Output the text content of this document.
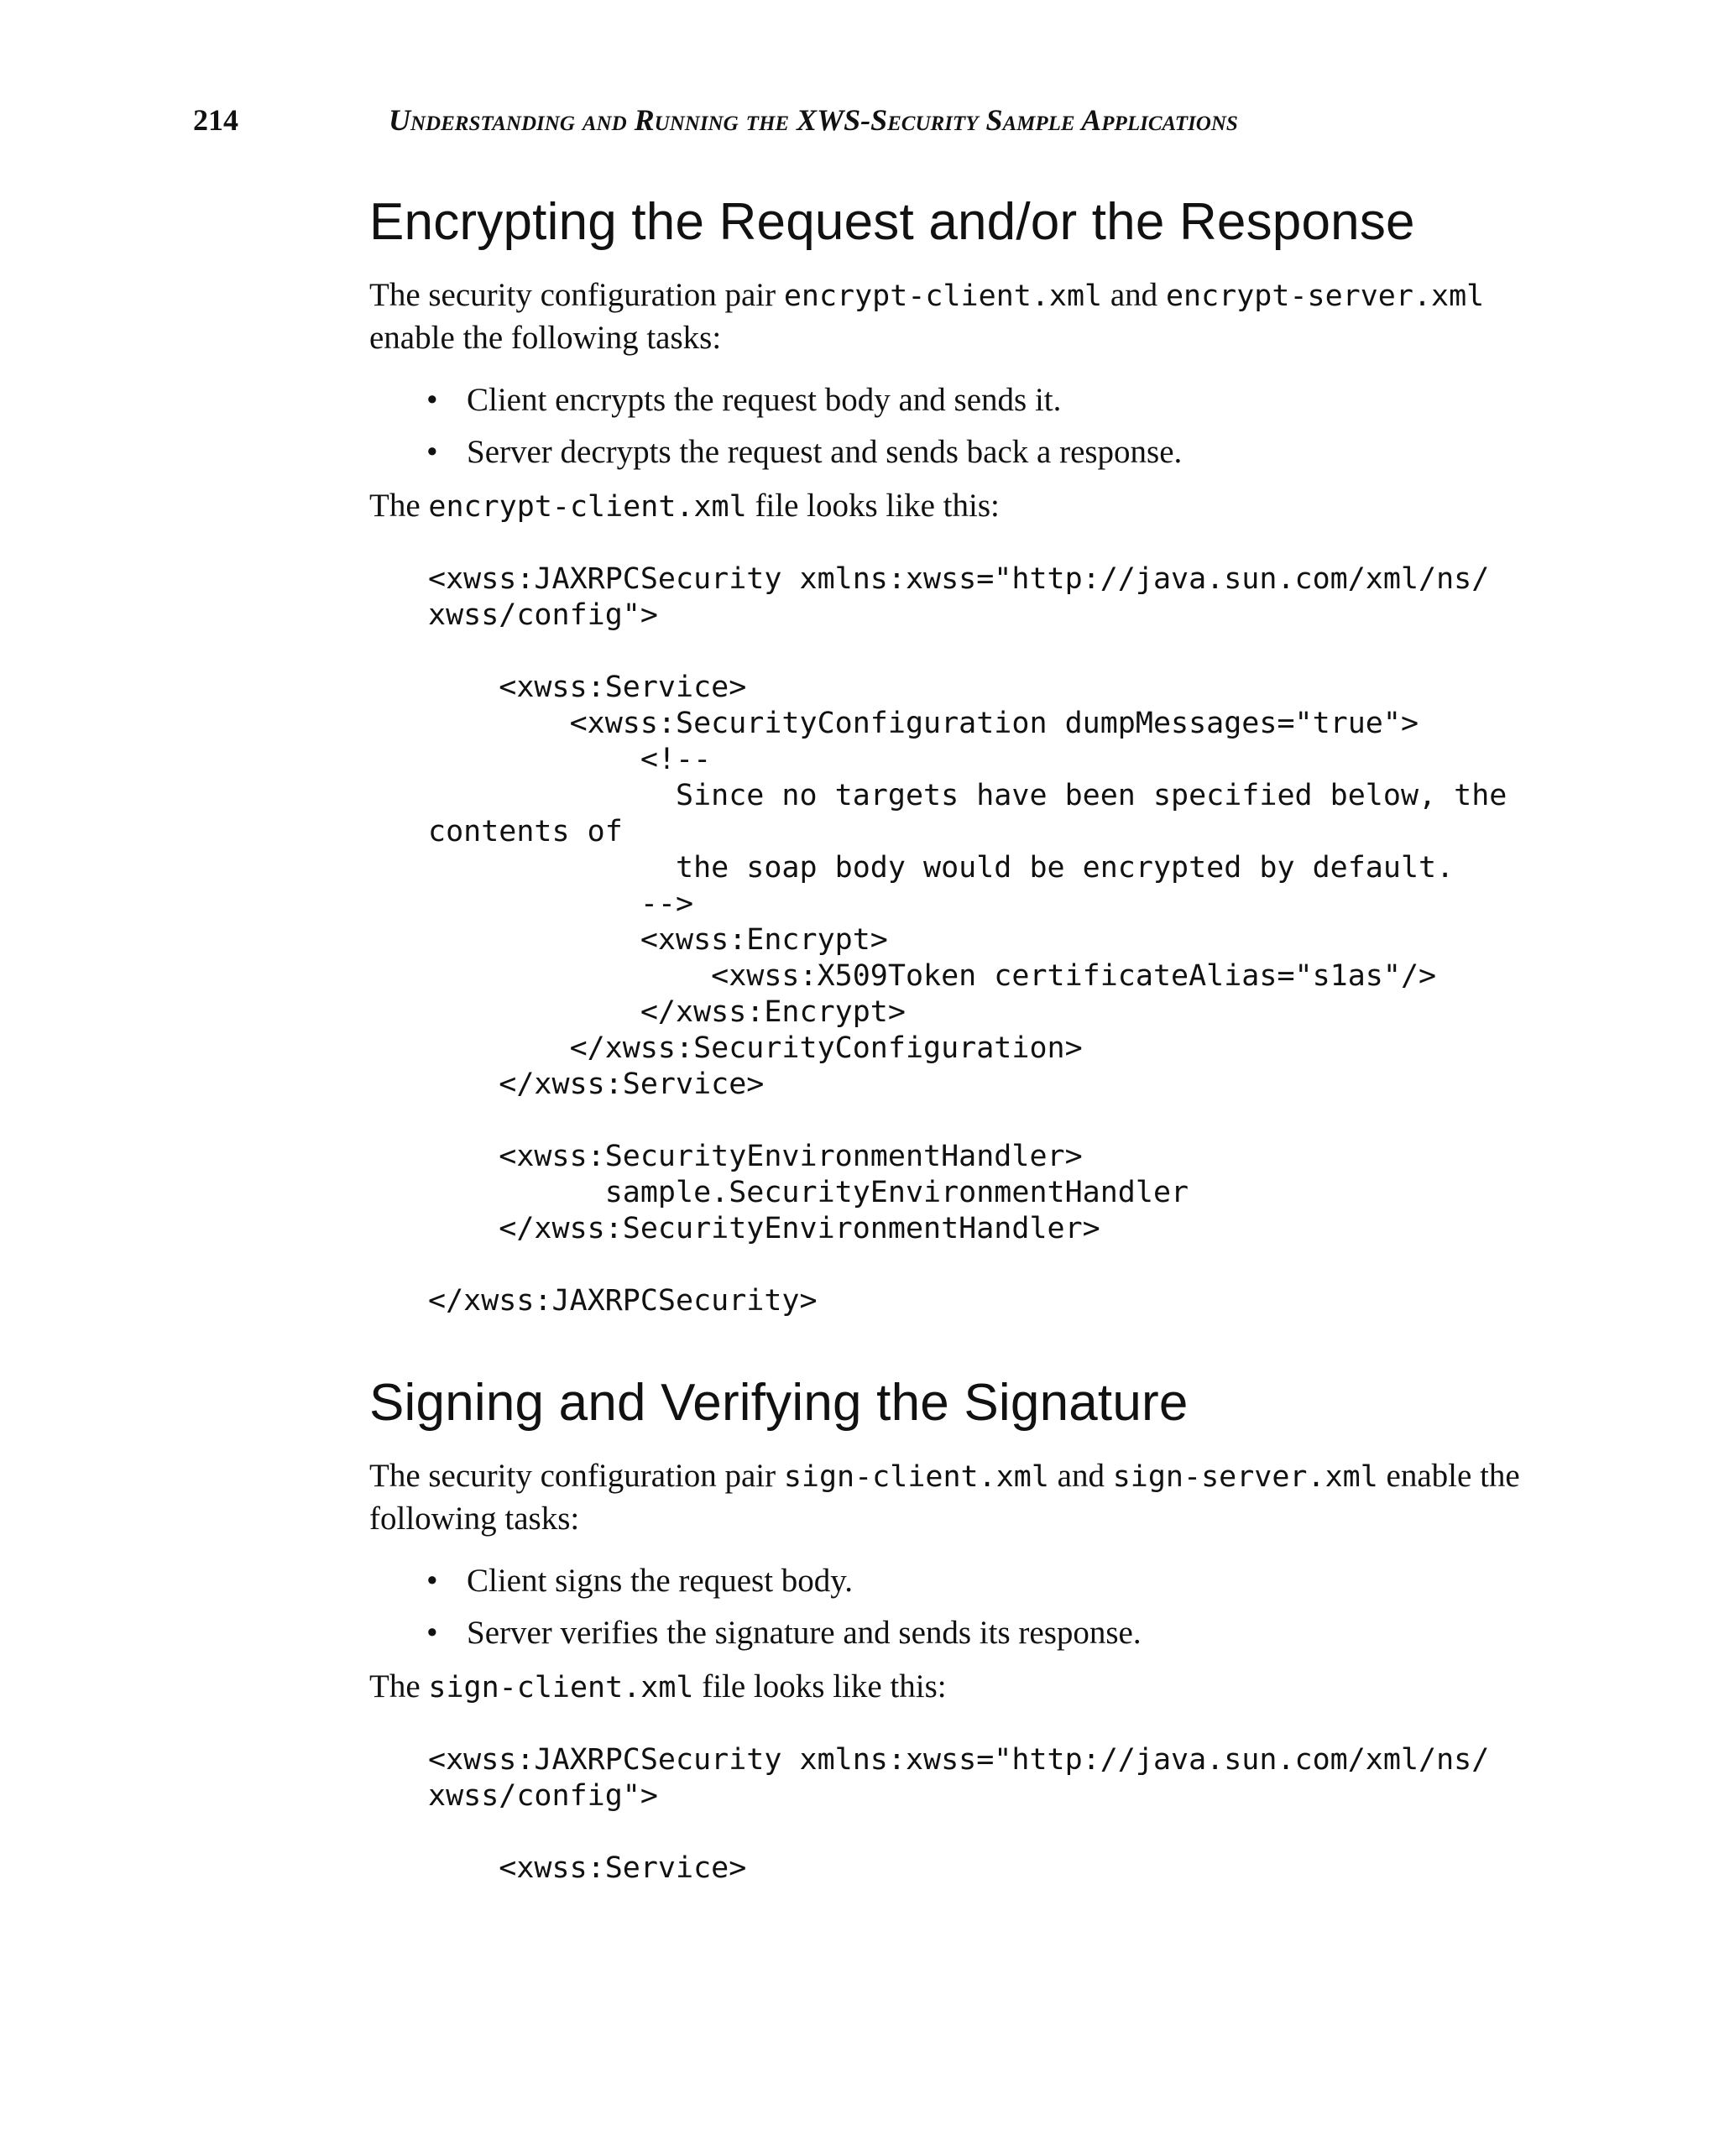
214	Understanding and Running the XWS-Security Sample Applications
Encrypting the Request and/or the Response

The security configuration pair encrypt-client.xml and encrypt-server.xml enable the following tasks:

• Client encrypts the request body and sends it.
• Server decrypts the request and sends back a response.

The encrypt-client.xml file looks like this:

<xwss:JAXRPCSecurity xmlns:xwss="http://java.sun.com/xml/ns/
xwss/config">

<xwss:Service>
<xwss:SecurityConfiguration dumpMessages="true">
<!--
Since no targets have been specified below, the
contents of
the soap body would be encrypted by default.
-->
<xwss:Encrypt>
<xwss:X509Token certificateAlias="s1as"/>
</xwss:Encrypt>
</xwss:SecurityConfiguration>
</xwss:Service>

<xwss:SecurityEnvironmentHandler>
sample.SecurityEnvironmentHandler
</xwss:SecurityEnvironmentHandler>

</xwss:JAXRPCSecurity>
Signing and Verifying the Signature

The security configuration pair sign-client.xml and sign-server.xml enable the following tasks:

• Client signs the request body.
• Server verifies the signature and sends its response.

The sign-client.xml file looks like this:

<xwss:JAXRPCSecurity xmlns:xwss="http://java.sun.com/xml/ns/
xwss/config">

<xwss:Service>
